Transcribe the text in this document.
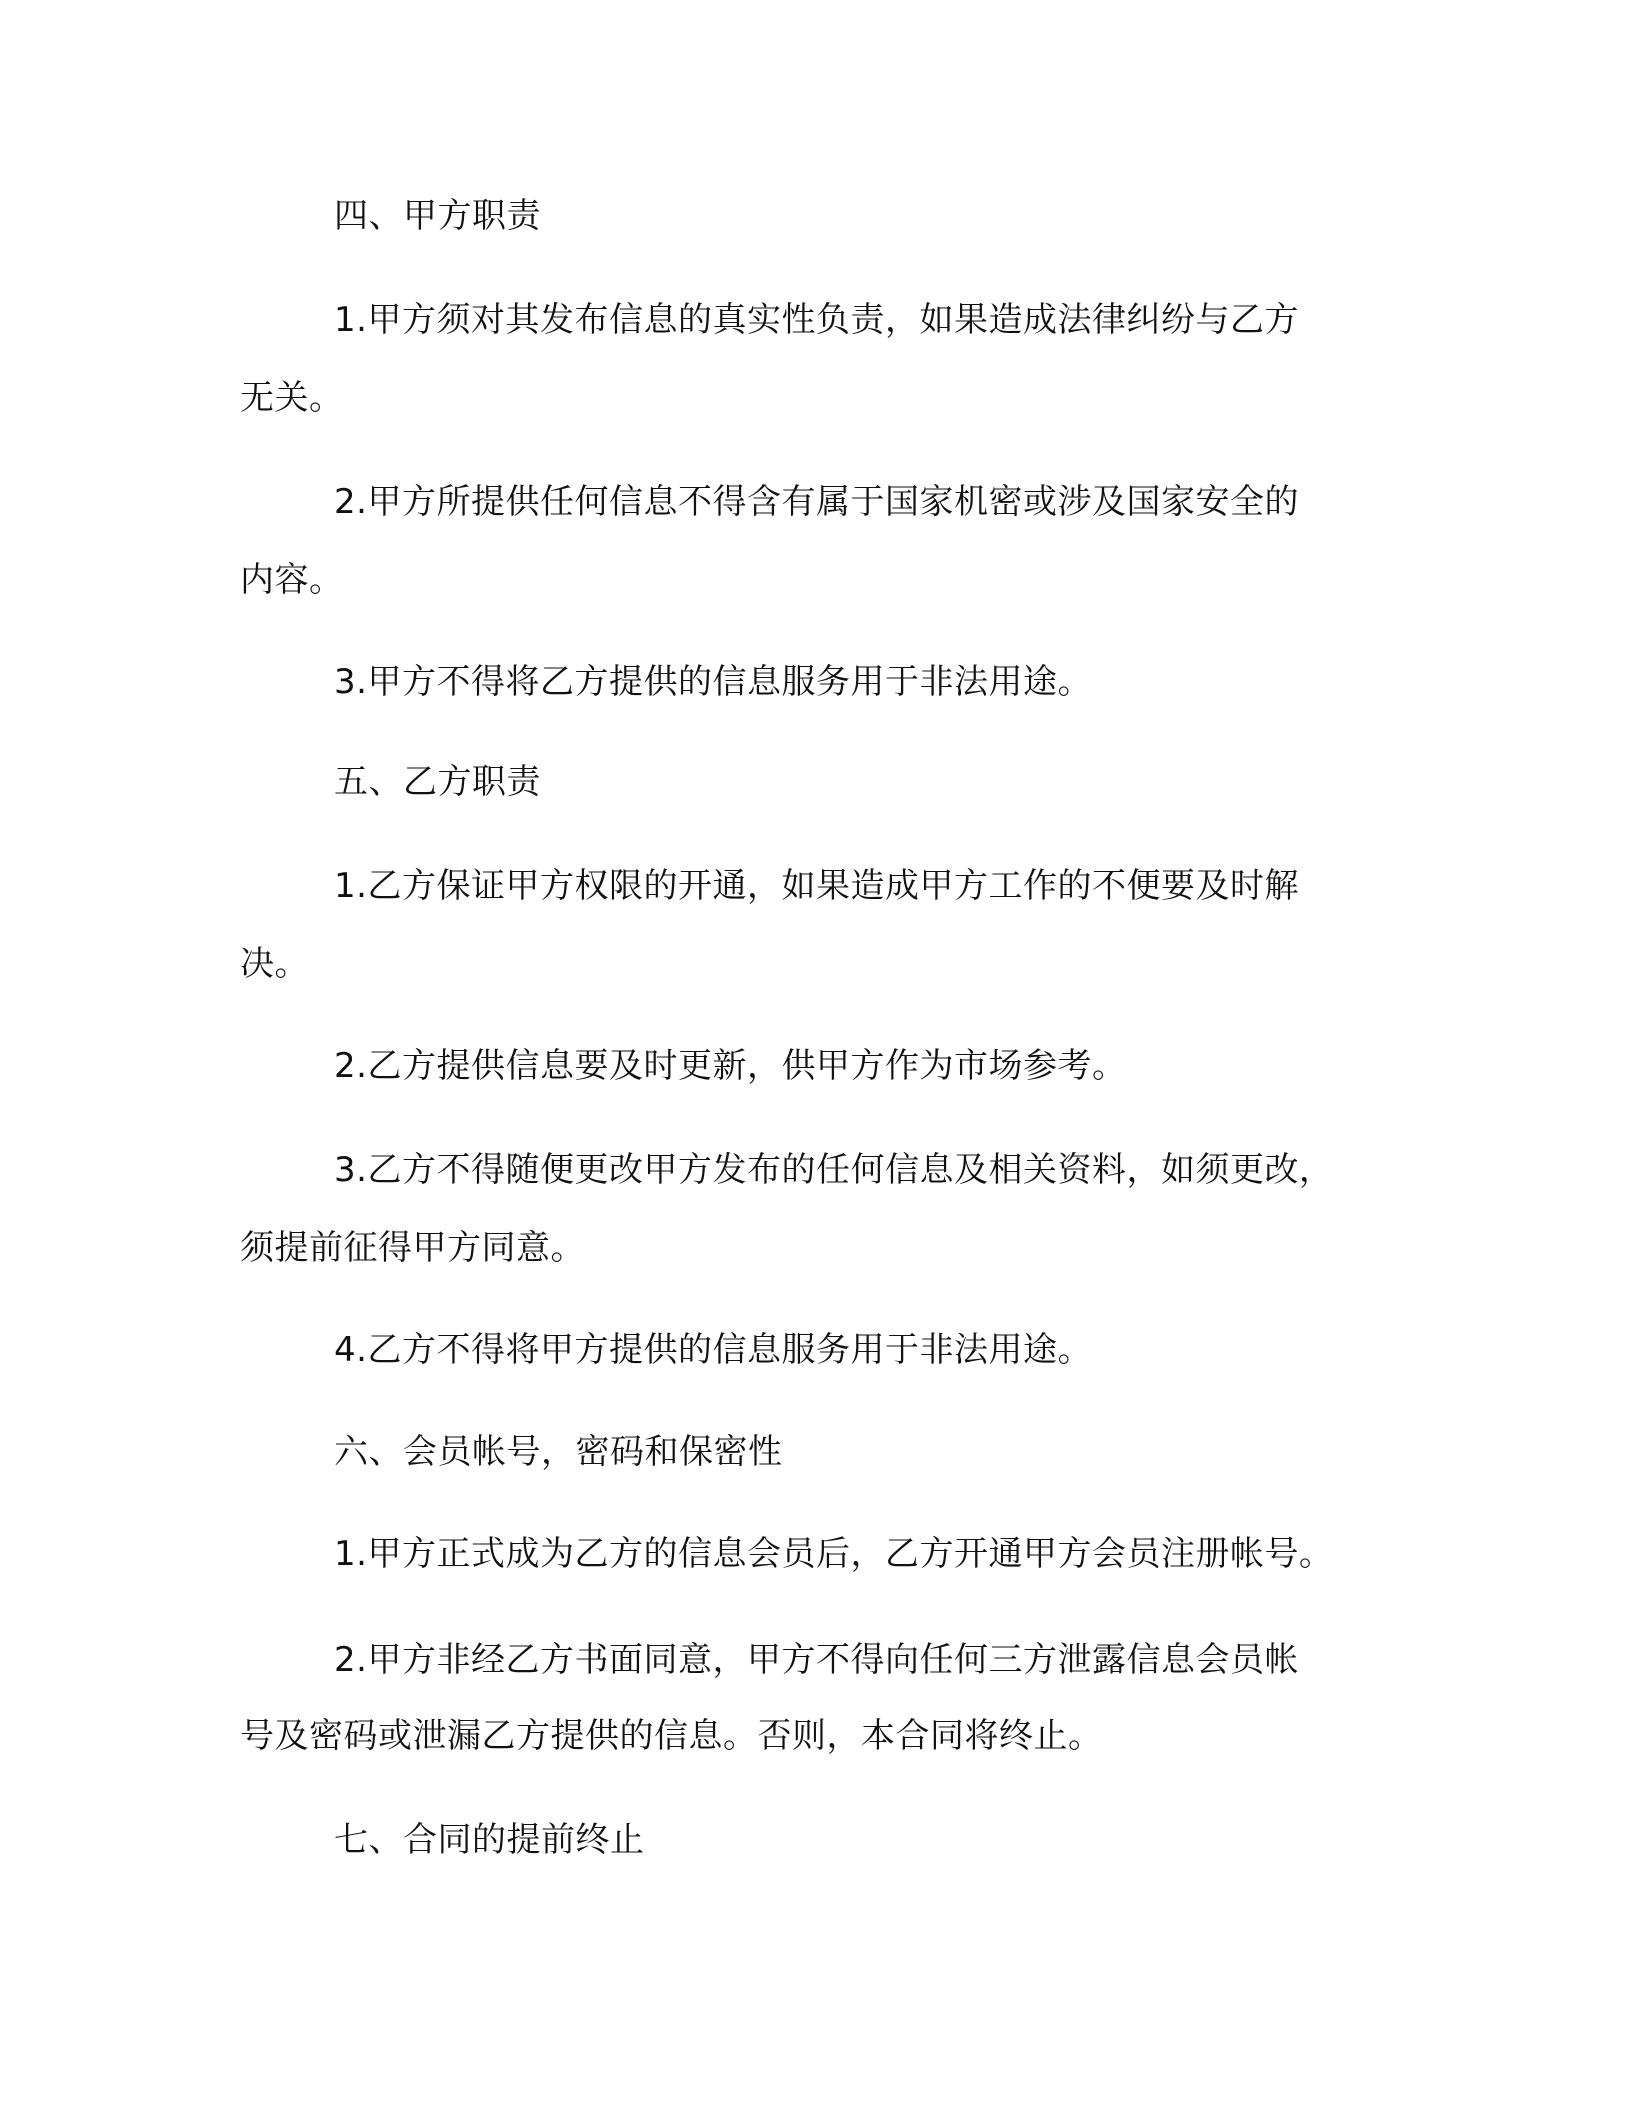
四、甲方职责

1.甲方须对其发布信息的真实性负责，如果造成法律纠纷与乙方

无关。

2.甲方所提供任何信息不得含有属于国家机密或涉及国家安全的

内容。

3.甲方不得将乙方提供的信息服务用于非法用途。

五、乙方职责

1.乙方保证甲方权限的开通，如果造成甲方工作的不便要及时解

决。

2.乙方提供信息要及时更新，供甲方作为市场参考。

3.乙方不得随便更改甲方发布的任何信息及相关资料，如须更改，

须提前征得甲方同意。

4.乙方不得将甲方提供的信息服务用于非法用途。

六、会员帐号，密码和保密性

1.甲方正式成为乙方的信息会员后，乙方开通甲方会员注册帐号。

2.甲方非经乙方书面同意，甲方不得向任何三方泄露信息会员帐

号及密码或泄漏乙方提供的信息。否则，本合同将终止。

七、合同的提前终止
